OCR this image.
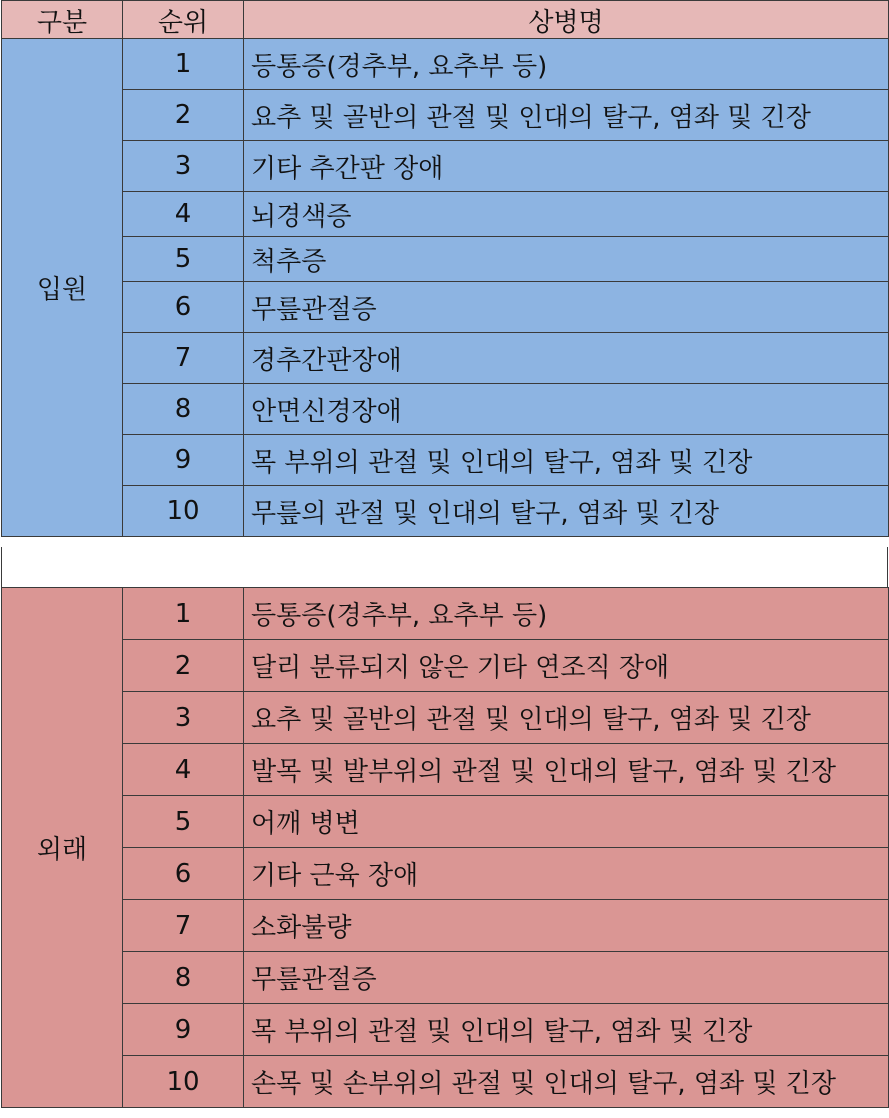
구분	순위	상병명
입원	1	등통증(경추부, 요추부 등)
	2	요추 및 골반의 관절 및 인대의 탈구, 염좌 및 긴장
	3	기타 추간판 장애
	4	뇌경색증
	5	척추증
	6	무릎관절증
	7	경추간판장애
	8	안면신경장애
	9	목 부위의 관절 및 인대의 탈구, 염좌 및 긴장
	10	무릎의 관절 및 인대의 탈구, 염좌 및 긴장
외래	1	등통증(경추부, 요추부 등)
	2	달리 분류되지 않은 기타 연조직 장애
	3	요추 및 골반의 관절 및 인대의 탈구, 염좌 및 긴장
	4	발목 및 발부위의 관절 및 인대의 탈구, 염좌 및 긴장
	5	어깨 병변
	6	기타 근육 장애
	7	소화불량
	8	무릎관절증
	9	목 부위의 관절 및 인대의 탈구, 염좌 및 긴장
	10	손목 및 손부위의 관절 및 인대의 탈구, 염좌 및 긴장
